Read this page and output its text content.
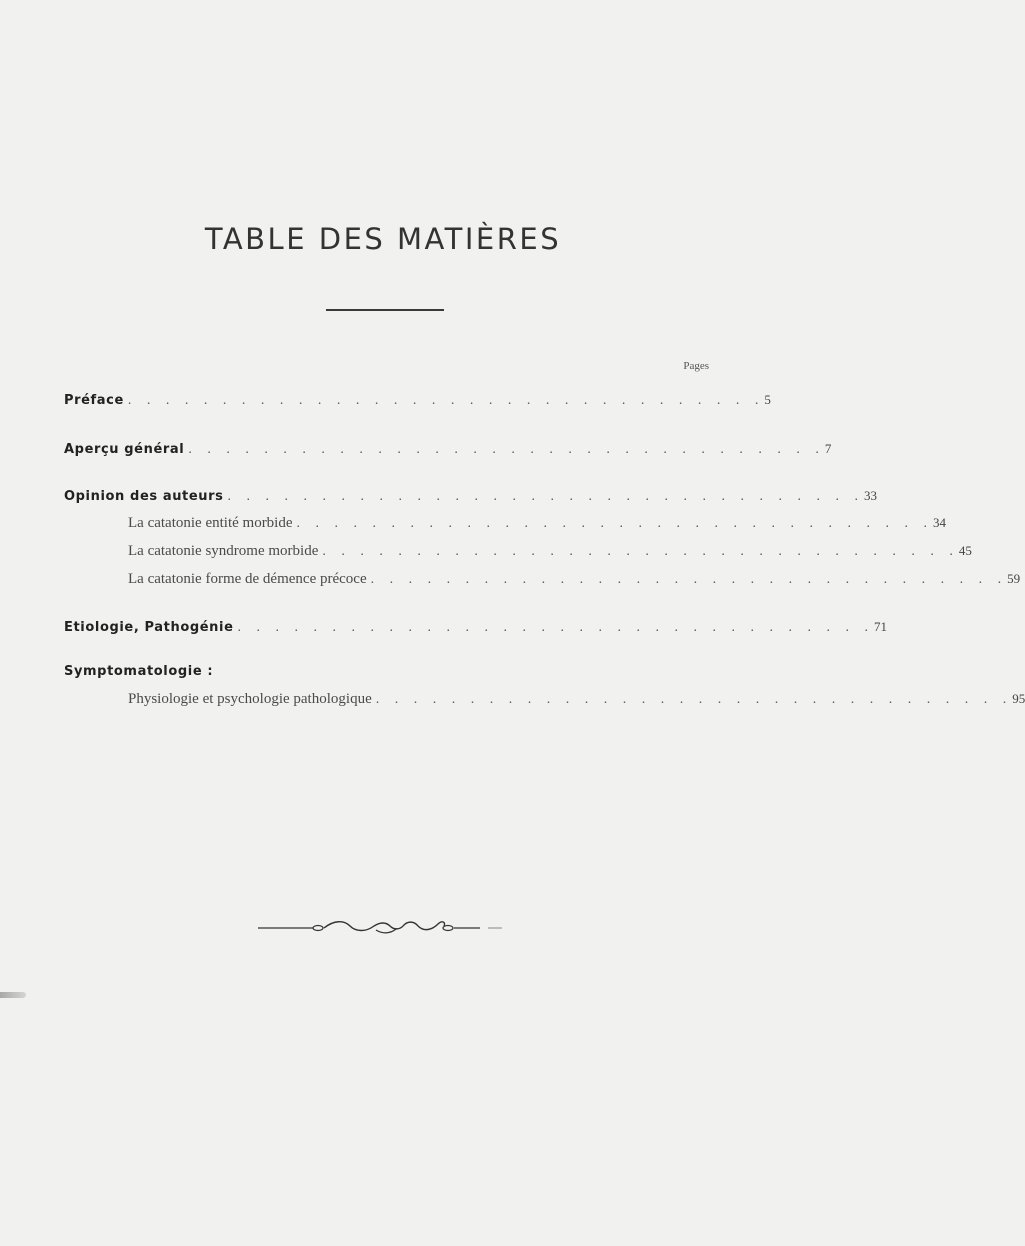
TABLE DES MATIÈRES
Pages
Préface . . . . . . . . . . . . . . . . . . . . . . . . . . . . . . . . . . 5
Aperçu général . . . . . . . . . . . . . . . . . . . . . . . . . . . . . . . . . . 7
Opinion des auteurs . . . . . . . . . . . . . . . . . . . . . . . . . . . . . . . . . . 33
La catatonie entité morbide . . . . . . . . . . . . . . . . . . . . . . . . . . . . . . . . . . 34
La catatonie syndrome morbide . . . . . . . . . . . . . . . . . . . . . . . . . . . . . . . . . . 45
La catatonie forme de démence précoce . . . . . . . . . . . . . . . . . . . . . . . . . . . . . . . . . . 59
Etiologie, Pathogénie . . . . . . . . . . . . . . . . . . . . . . . . . . . . . . . . . . 71
Symptomatologie :
Physiologie et psychologie pathologique . . . . . . . . . . . . . . . . . . . . . . . . . . . . . . . . . . 95
